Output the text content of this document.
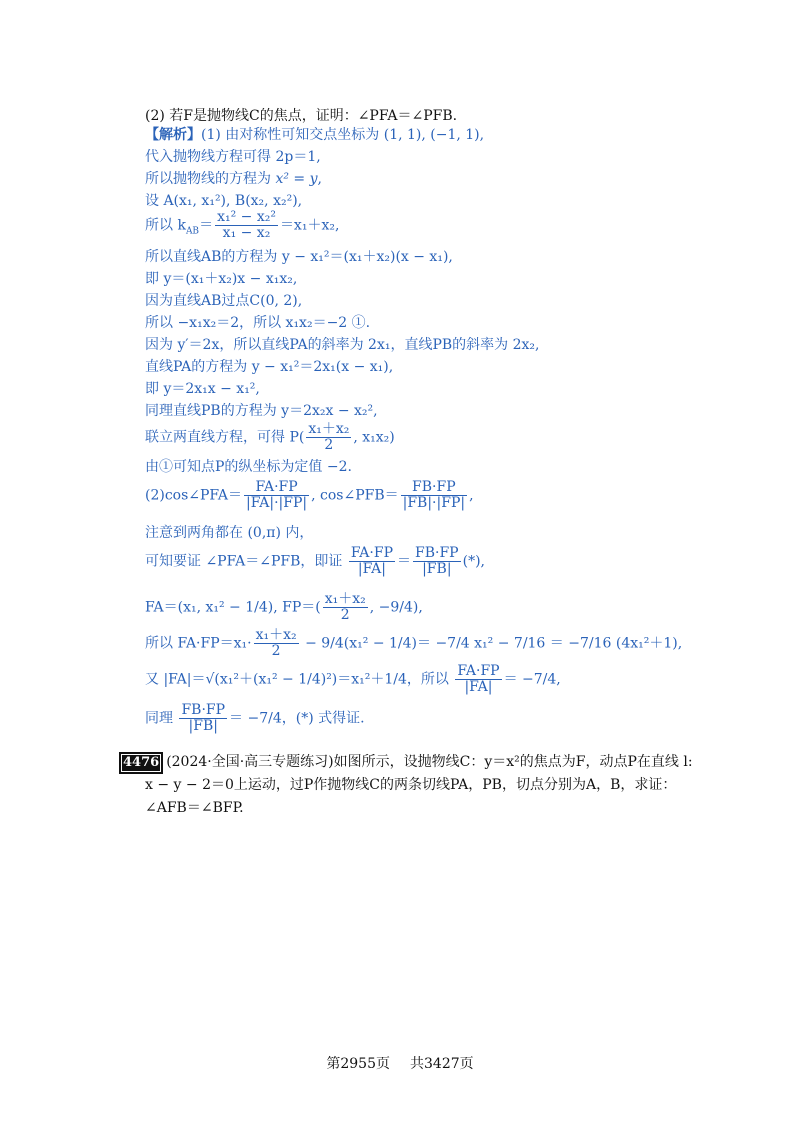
(2) 若F是抛物线C的焦点，证明：∠PFA＝∠PFB.
【解析】(1) 由对称性可知交点坐标为 (1, 1), (−1, 1),
代入抛物线方程可得 2p＝1,
所以抛物线的方程为 x² = y,
设 A(x₁, x₁²), B(x₂, x₂²),
所以 $k_{AB}= \frac{\text{x₁² − x₂²}}{\text{x₁ − x₂}} =x_1+x_2$,
所以直线AB的方程为 y − x₁²＝(x₁＋x₂)(x − x₁),
即 y＝(x₁＋x₂)x − x₁x₂,
因为直线AB过点C(0, 2),
所以 −x₁x₂＝2，所以 x₁x₂＝−2 ①.
因为 y′＝2x，所以直线PA的斜率为 2x₁，直线PB的斜率为 2x₂,
直线PA的方程为 y − x₁²＝2x₁(x − x₁),
即 y＝2x₁x − x₁²,
同理直线PB的方程为 y＝2x₂x − x₂²,
联立两直线方程，可得 $P( \frac{\text{x₁＋x₂}}{2}$ , x₁x₂)
由①可知点P的纵坐标为定值 −2.
(2)cos∠PFA＝ $\frac{FA\cdot FP}{|FA|\cdot|FP|}$ , cos∠PFB＝ $\frac{FB\cdot FP}{|FB|\cdot|FP|}$ ,
注意到两角都在 (0,π) 内，
可知要证 ∠PFA＝∠PFB，即证 $\frac{FA\cdot FP}{|FA|} = \frac{FB\cdot FP}{|FB|}$ (*),
FA＝(x₁, x₁² − 1/4), $FP=( \frac{\text{x₁＋x₂}}{2}$ , −9/4),
所以 $FA\cdot FP=x_1\cdot \frac{\text{x₁＋x₂}}{2} - 9/4(x_1^2 - 1/4)= -7/4$ x₁² − 7/16 ＝ −7/16 (4x₁²＋1),
又 |FA|＝√(x₁²＋(x₁² − 1/4)²)＝x₁²＋1/4，所以 $\frac{FA\cdot FP}{|FA|} = -7/4$,
同理 $\frac{FB\cdot FP}{|FB|} = -7/4$，(*) 式得证.
4476 (2024·全国·高三专题练习)如图所示，设抛物线C：y＝x²的焦点为F，动点P在直线 l:
x − y − 2＝0上运动，过P作抛物线C的两条切线PA，PB，切点分别为A，B，求证：
∠AFB＝∠BFP.
第2955页 共3427页
